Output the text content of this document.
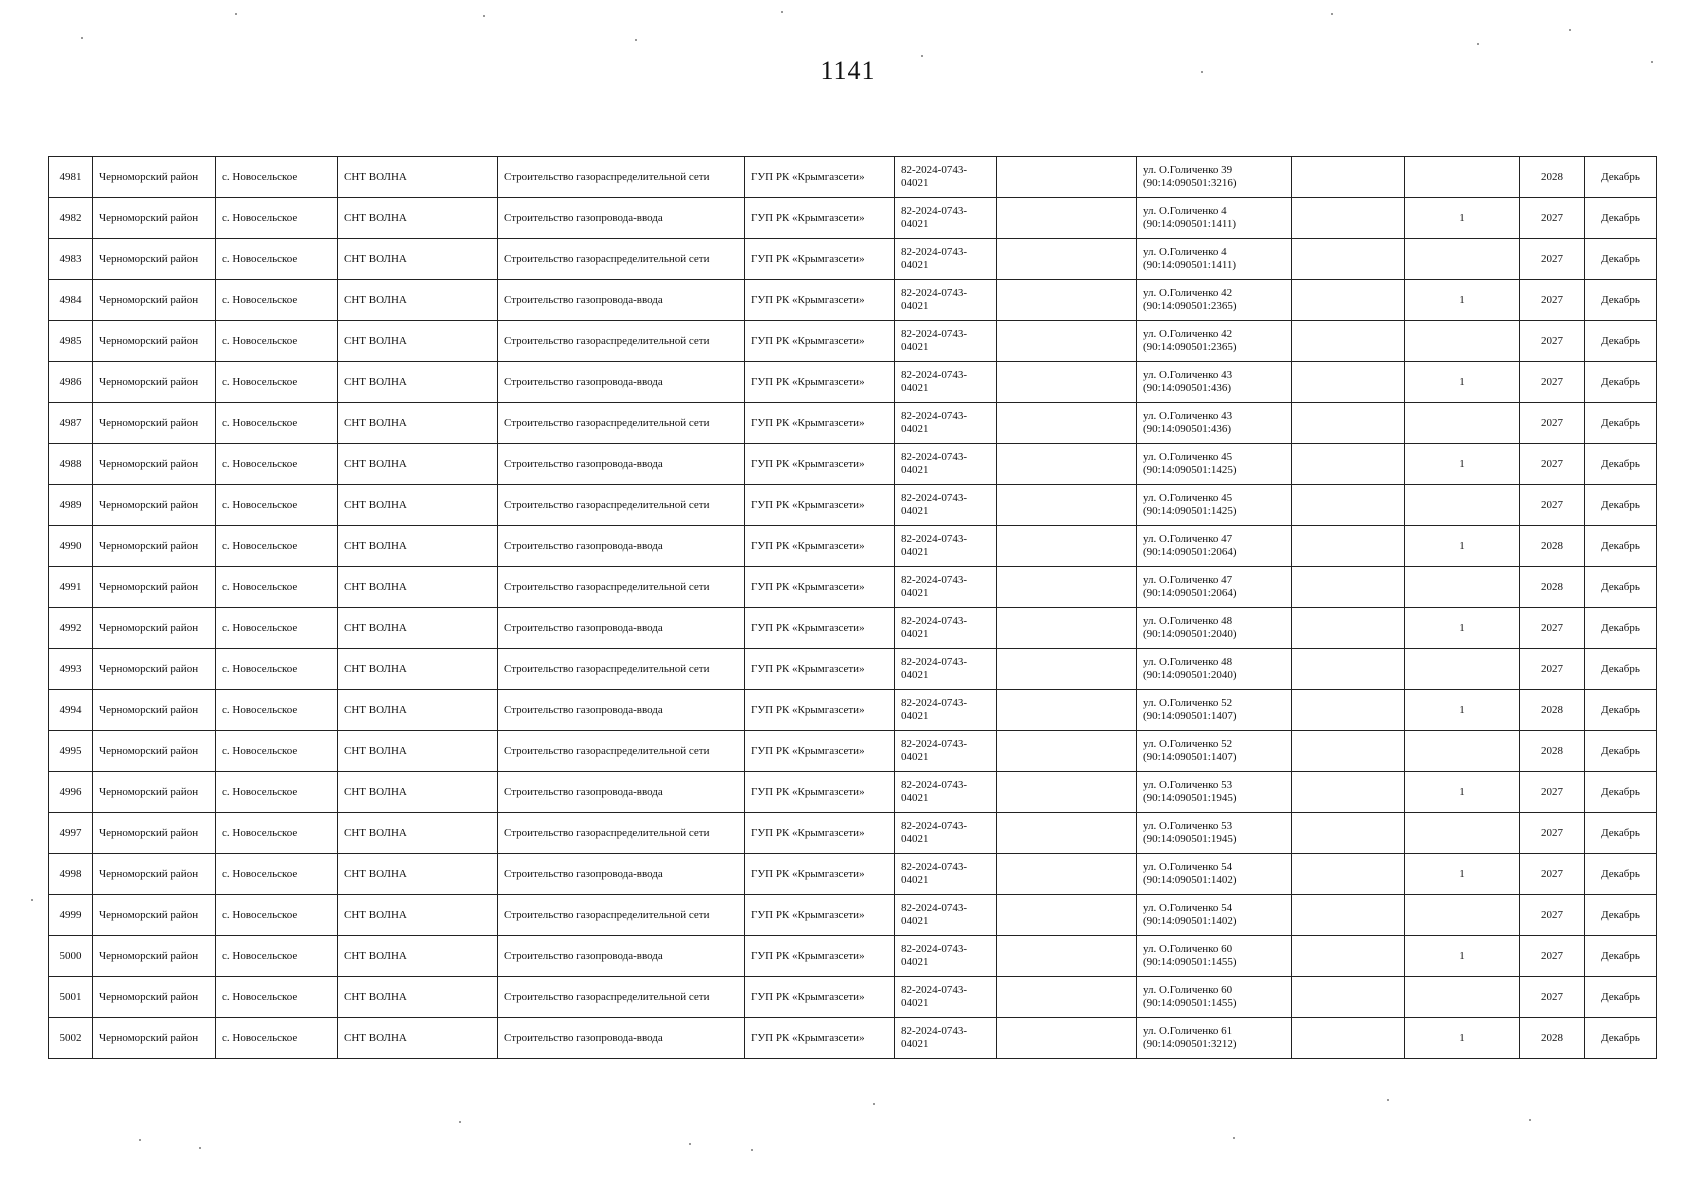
1141
4981	Черноморский район	с. Новосельское	СНТ ВОЛНА	Строительство газораспределительной сети	ГУП РК «Крымгазсети»	82-2024-0743-04021		ул. О.Голиченко 39 (90:14:090501:3216)			2028	Декабрь
4982	Черноморский район	с. Новосельское	СНТ ВОЛНА	Строительство газопровода-ввода	ГУП РК «Крымгазсети»	82-2024-0743-04021		ул. О.Голиченко 4 (90:14:090501:1411)		1	2027	Декабрь
4983	Черноморский район	с. Новосельское	СНТ ВОЛНА	Строительство газораспределительной сети	ГУП РК «Крымгазсети»	82-2024-0743-04021		ул. О.Голиченко 4 (90:14:090501:1411)			2027	Декабрь
4984	Черноморский район	с. Новосельское	СНТ ВОЛНА	Строительство газопровода-ввода	ГУП РК «Крымгазсети»	82-2024-0743-04021		ул. О.Голиченко 42 (90:14:090501:2365)		1	2027	Декабрь
4985	Черноморский район	с. Новосельское	СНТ ВОЛНА	Строительство газораспределительной сети	ГУП РК «Крымгазсети»	82-2024-0743-04021		ул. О.Голиченко 42 (90:14:090501:2365)			2027	Декабрь
4986	Черноморский район	с. Новосельское	СНТ ВОЛНА	Строительство газопровода-ввода	ГУП РК «Крымгазсети»	82-2024-0743-04021		ул. О.Голиченко 43 (90:14:090501:436)		1	2027	Декабрь
4987	Черноморский район	с. Новосельское	СНТ ВОЛНА	Строительство газораспределительной сети	ГУП РК «Крымгазсети»	82-2024-0743-04021		ул. О.Голиченко 43 (90:14:090501:436)			2027	Декабрь
4988	Черноморский район	с. Новосельское	СНТ ВОЛНА	Строительство газопровода-ввода	ГУП РК «Крымгазсети»	82-2024-0743-04021		ул. О.Голиченко 45 (90:14:090501:1425)		1	2027	Декабрь
4989	Черноморский район	с. Новосельское	СНТ ВОЛНА	Строительство газораспределительной сети	ГУП РК «Крымгазсети»	82-2024-0743-04021		ул. О.Голиченко 45 (90:14:090501:1425)			2027	Декабрь
4990	Черноморский район	с. Новосельское	СНТ ВОЛНА	Строительство газопровода-ввода	ГУП РК «Крымгазсети»	82-2024-0743-04021		ул. О.Голиченко 47 (90:14:090501:2064)		1	2028	Декабрь
4991	Черноморский район	с. Новосельское	СНТ ВОЛНА	Строительство газораспределительной сети	ГУП РК «Крымгазсети»	82-2024-0743-04021		ул. О.Голиченко 47 (90:14:090501:2064)			2028	Декабрь
4992	Черноморский район	с. Новосельское	СНТ ВОЛНА	Строительство газопровода-ввода	ГУП РК «Крымгазсети»	82-2024-0743-04021		ул. О.Голиченко 48 (90:14:090501:2040)		1	2027	Декабрь
4993	Черноморский район	с. Новосельское	СНТ ВОЛНА	Строительство газораспределительной сети	ГУП РК «Крымгазсети»	82-2024-0743-04021		ул. О.Голиченко 48 (90:14:090501:2040)			2027	Декабрь
4994	Черноморский район	с. Новосельское	СНТ ВОЛНА	Строительство газопровода-ввода	ГУП РК «Крымгазсети»	82-2024-0743-04021		ул. О.Голиченко 52 (90:14:090501:1407)		1	2028	Декабрь
4995	Черноморский район	с. Новосельское	СНТ ВОЛНА	Строительство газораспределительной сети	ГУП РК «Крымгазсети»	82-2024-0743-04021		ул. О.Голиченко 52 (90:14:090501:1407)			2028	Декабрь
4996	Черноморский район	с. Новосельское	СНТ ВОЛНА	Строительство газопровода-ввода	ГУП РК «Крымгазсети»	82-2024-0743-04021		ул. О.Голиченко 53 (90:14:090501:1945)		1	2027	Декабрь
4997	Черноморский район	с. Новосельское	СНТ ВОЛНА	Строительство газораспределительной сети	ГУП РК «Крымгазсети»	82-2024-0743-04021		ул. О.Голиченко 53 (90:14:090501:1945)			2027	Декабрь
4998	Черноморский район	с. Новосельское	СНТ ВОЛНА	Строительство газопровода-ввода	ГУП РК «Крымгазсети»	82-2024-0743-04021		ул. О.Голиченко 54 (90:14:090501:1402)		1	2027	Декабрь
4999	Черноморский район	с. Новосельское	СНТ ВОЛНА	Строительство газораспределительной сети	ГУП РК «Крымгазсети»	82-2024-0743-04021		ул. О.Голиченко 54 (90:14:090501:1402)			2027	Декабрь
5000	Черноморский район	с. Новосельское	СНТ ВОЛНА	Строительство газопровода-ввода	ГУП РК «Крымгазсети»	82-2024-0743-04021		ул. О.Голиченко 60 (90:14:090501:1455)		1	2027	Декабрь
5001	Черноморский район	с. Новосельское	СНТ ВОЛНА	Строительство газораспределительной сети	ГУП РК «Крымгазсети»	82-2024-0743-04021		ул. О.Голиченко 60 (90:14:090501:1455)			2027	Декабрь
5002	Черноморский район	с. Новосельское	СНТ ВОЛНА	Строительство газопровода-ввода	ГУП РК «Крымгазсети»	82-2024-0743-04021		ул. О.Голиченко 61 (90:14:090501:3212)		1	2028	Декабрь
